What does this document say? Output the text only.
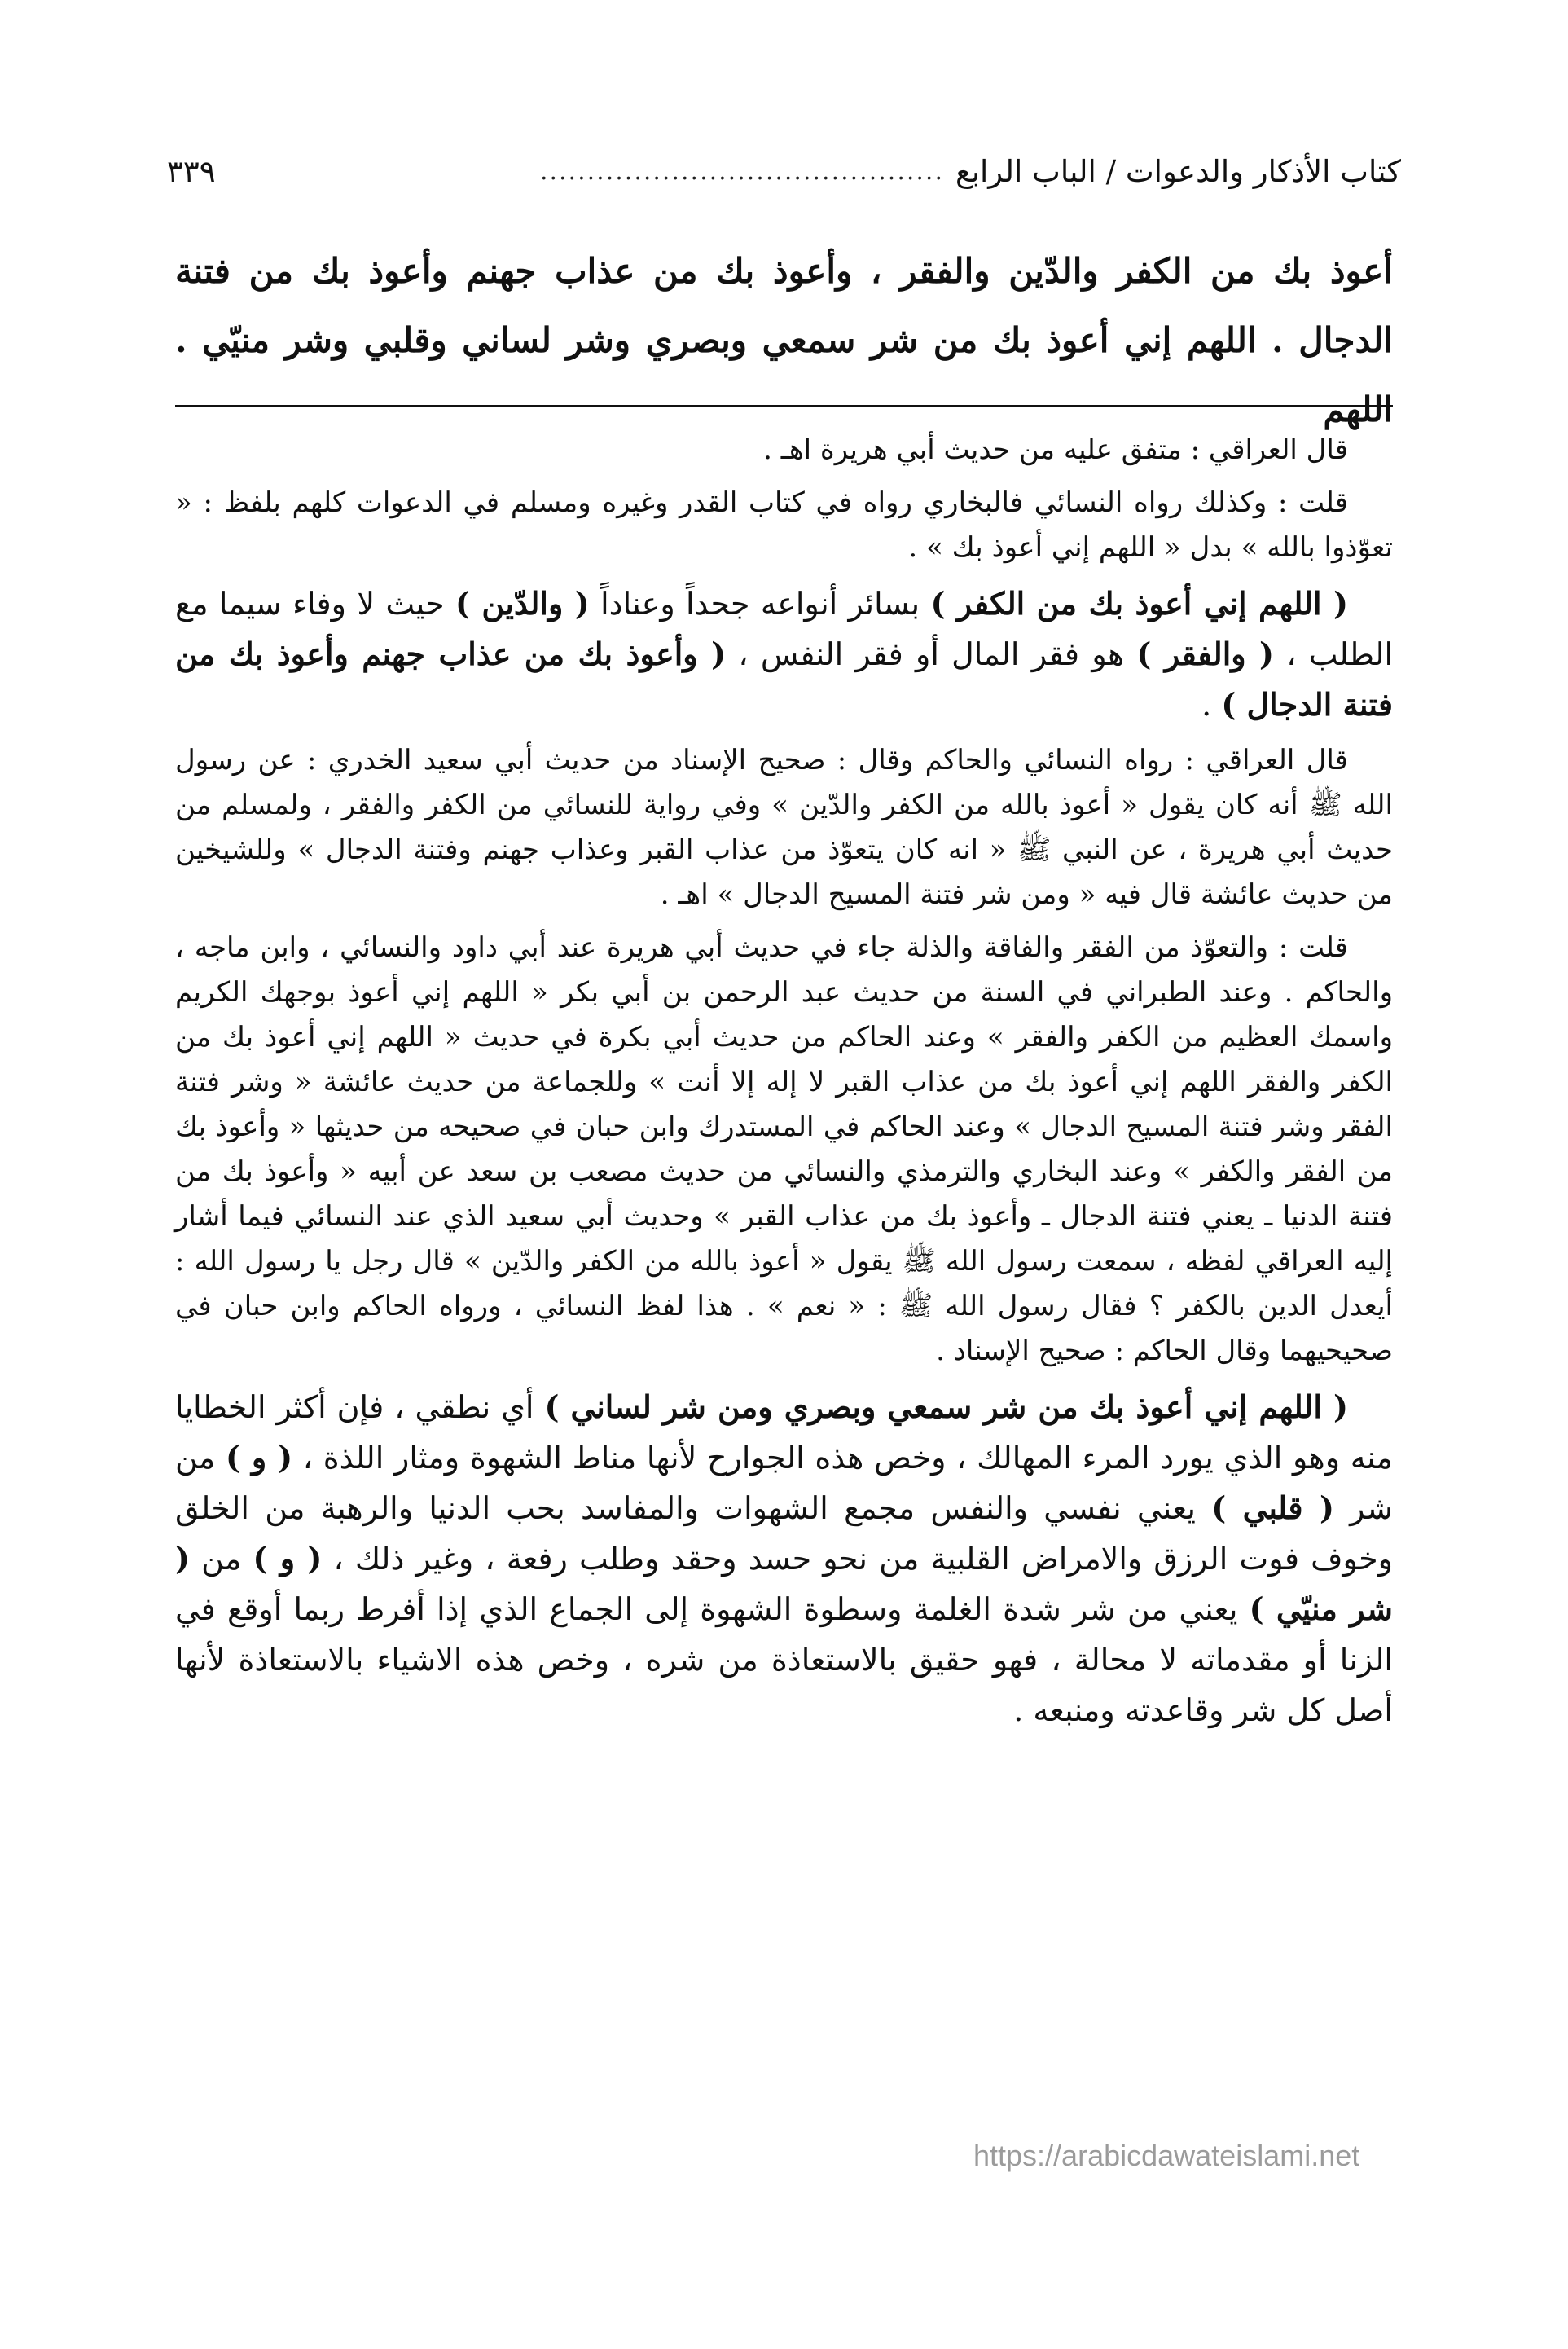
كتاب الأذكار والدعوات / الباب الرابع
...........................................
٣٣٩

أعوذ بك من الكفر والدّين والفقر ، وأعوذ بك من عذاب جهنم وأعوذ بك من فتنة الدجال . اللهم إني أعوذ بك من شر سمعي وبصري وشر لساني وقلبي وشر منيّي . اللهم

قال العراقي : متفق عليه من حديث أبي هريرة اهـ .

قلت : وكذلك رواه النسائي فالبخاري رواه في كتاب القدر وغيره ومسلم في الدعوات كلهم بلفظ : « تعوّذوا بالله » بدل « اللهم إني أعوذ بك » .

( اللهم إني أعوذ بك من الكفر ) بسائر أنواعه جحداً وعناداً ( والدّين ) حيث لا وفاء سيما مع الطلب ، ( والفقر ) هو فقر المال أو فقر النفس ، ( وأعوذ بك من عذاب جهنم وأعوذ بك من فتنة الدجال ) .

قال العراقي : رواه النسائي والحاكم وقال : صحيح الإسناد من حديث أبي سعيد الخدري : عن رسول الله ﷺ أنه كان يقول « أعوذ بالله من الكفر والدّين » وفي رواية للنسائي من الكفر والفقر ، ولمسلم من حديث أبي هريرة ، عن النبي ﷺ « انه كان يتعوّذ من عذاب القبر وعذاب جهنم وفتنة الدجال » وللشيخين من حديث عائشة قال فيه « ومن شر فتنة المسيح الدجال » اهـ .

قلت : والتعوّذ من الفقر والفاقة والذلة جاء في حديث أبي هريرة عند أبي داود والنسائي ، وابن ماجه ، والحاكم . وعند الطبراني في السنة من حديث عبد الرحمن بن أبي بكر « اللهم إني أعوذ بوجهك الكريم واسمك العظيم من الكفر والفقر » وعند الحاكم من حديث أبي بكرة في حديث « اللهم إني أعوذ بك من الكفر والفقر اللهم إني أعوذ بك من عذاب القبر لا إله إلا أنت » وللجماعة من حديث عائشة « وشر فتنة الفقر وشر فتنة المسيح الدجال » وعند الحاكم في المستدرك وابن حبان في صحيحه من حديثها « وأعوذ بك من الفقر والكفر » وعند البخاري والترمذي والنسائي من حديث مصعب بن سعد عن أبيه « وأعوذ بك من فتنة الدنيا ـ يعني فتنة الدجال ـ وأعوذ بك من عذاب القبر » وحديث أبي سعيد الذي عند النسائي فيما أشار إليه العراقي لفظه ، سمعت رسول الله ﷺ يقول « أعوذ بالله من الكفر والدّين » قال رجل يا رسول الله : أيعدل الدين بالكفر ؟ فقال رسول الله ﷺ : « نعم » . هذا لفظ النسائي ، ورواه الحاكم وابن حبان في صحيحيهما وقال الحاكم : صحيح الإسناد .

( اللهم إني أعوذ بك من شر سمعي وبصري ومن شر لساني ) أي نطقي ، فإن أكثر الخطايا منه وهو الذي يورد المرء المهالك ، وخص هذه الجوارح لأنها مناط الشهوة ومثار اللذة ، ( و ) من شر ( قلبي ) يعني نفسي والنفس مجمع الشهوات والمفاسد بحب الدنيا والرهبة من الخلق وخوف فوت الرزق والامراض القلبية من نحو حسد وحقد وطلب رفعة ، وغير ذلك ، ( و ) من ( شر منيّي ) يعني من شر شدة الغلمة وسطوة الشهوة إلى الجماع الذي إذا أفرط ربما أوقع في الزنا أو مقدماته لا محالة ، فهو حقيق بالاستعاذة من شره ، وخص هذه الاشياء بالاستعاذة لأنها أصل كل شر وقاعدته ومنبعه .

https://arabicdawateislami.net
